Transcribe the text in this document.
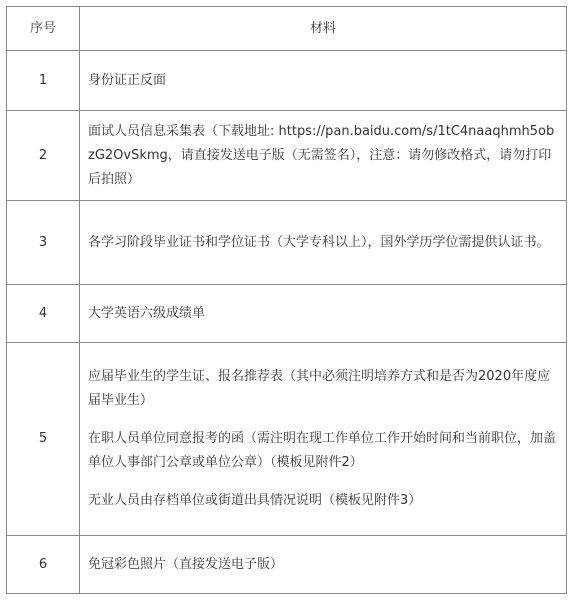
序号	材料
1	身份证正反面

2	面试人员信息采集表（下载地址: https://pan.baidu.com/s/1tC4naaqhmh5obzG2OvSkmg，请直接发送电子版（无需签名），注意：请勿修改格式，请勿打印后拍照）

3	各学习阶段毕业证书和学位证书（大学专科以上），国外学历学位需提供认证书。

4	大学英语六级成绩单

5	应届毕业生的学生证、报名推荐表（其中必须注明培养方式和是否为2020年度应届毕业生）

在职人员单位同意报考的函（需注明在现工作单位工作开始时间和当前职位，加盖单位人事部门公章或单位公章）（模板见附件2）

无业人员由存档单位或街道出具情况说明（模板见附件3）

6	免冠彩色照片（直接发送电子版）
